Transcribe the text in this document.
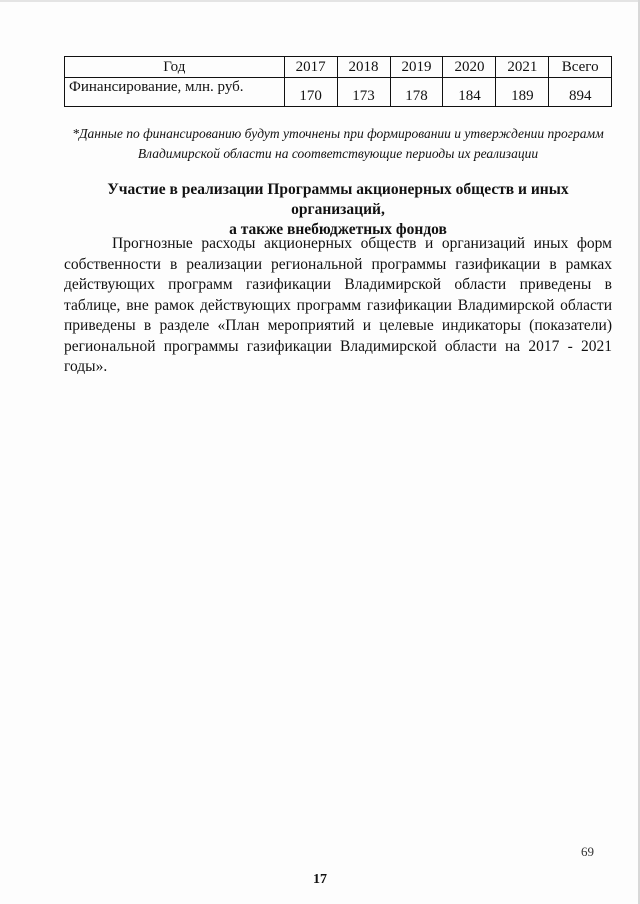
Год	2017	2018	2019	2020	2021	Всего
Финансирование, млн. руб.	170	173	178	184	189	894
*Данные по финансированию будут уточнены при формировании и утверждении программ Владимирской области на соответствующие периоды их реализации
Участие в реализации Программы акционерных обществ и иных организаций,
а также внебюджетных фондов
Прогнозные расходы акционерных обществ и организаций иных форм собственности в реализации региональной программы газификации в рамках действующих программ газификации Владимирской области приведены в таблице, вне рамок действующих программ газификации Владимирской области приведены в разделе «План мероприятий и целевые индикаторы (показатели) региональной программы газификации Владимирской области на 2017 - 2021 годы».
69
17
